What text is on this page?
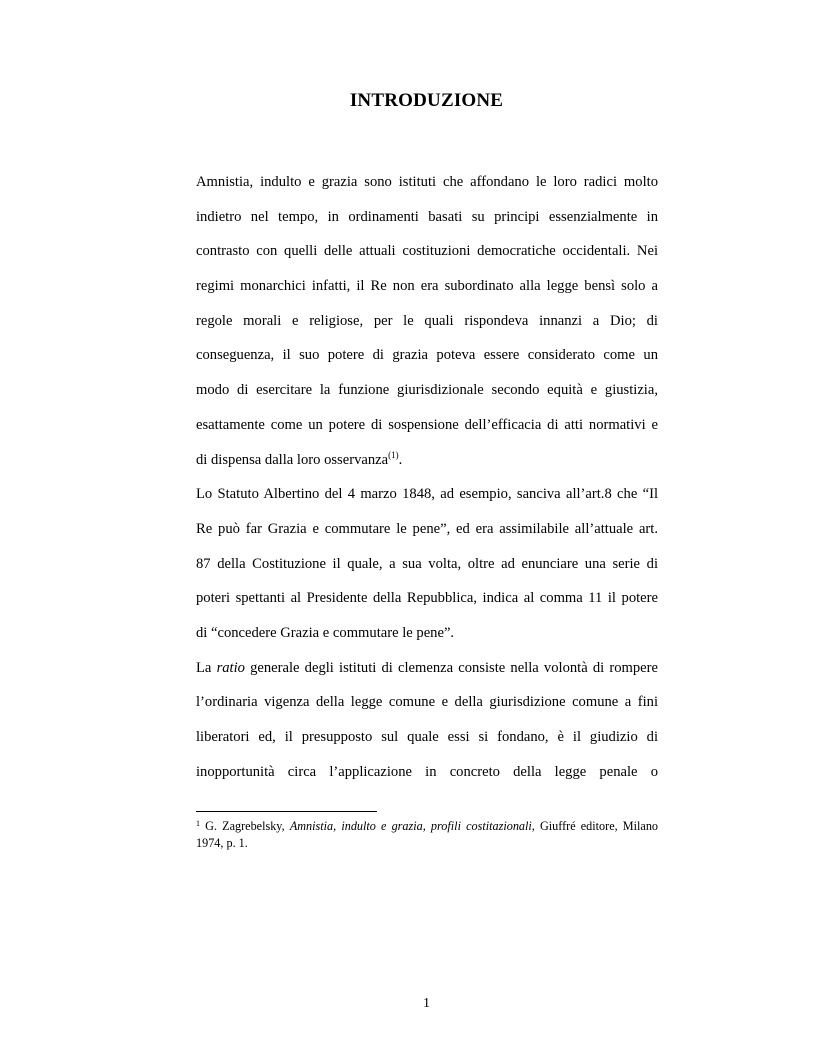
INTRODUZIONE
Amnistia, indulto e grazia sono istituti che affondano le loro radici molto
indietro nel tempo, in ordinamenti basati su principi essenzialmente in
contrasto con quelli delle attuali costituzioni democratiche occidentali. Nei
regimi monarchici infatti, il Re non era subordinato alla legge bensì solo a
regole morali e religiose, per le quali rispondeva innanzi a Dio; di
conseguenza, il suo potere di grazia poteva essere considerato come un
modo di esercitare la funzione giurisdizionale secondo equità e giustizia,
esattamente come un potere di sospensione dell’efficacia di atti normativi e
di dispensa dalla loro osservanza$^{(1)}$.
Lo Statuto Albertino del 4 marzo 1848, ad esempio, sanciva all’art.8 che “Il
Re può far Grazia e commutare le pene”, ed era assimilabile all’attuale art.
87 della Costituzione il quale, a sua volta, oltre ad enunciare una serie di
poteri spettanti al Presidente della Repubblica, indica al comma 11 il potere
di “concedere Grazia e commutare le pene”.
La ratio generale degli istituti di clemenza consiste nella volontà di rompere
l’ordinaria vigenza della legge comune e della giurisdizione comune a fini
liberatori ed, il presupposto sul quale essi si fondano, è il giudizio di
inopportunità circa l’applicazione in concreto della legge penale o
$^1$ G. Zagrebelsky, Amnistia, indulto e grazia, profili costitazionali, Giuffré editore, Milano
1974, p. 1.
1
